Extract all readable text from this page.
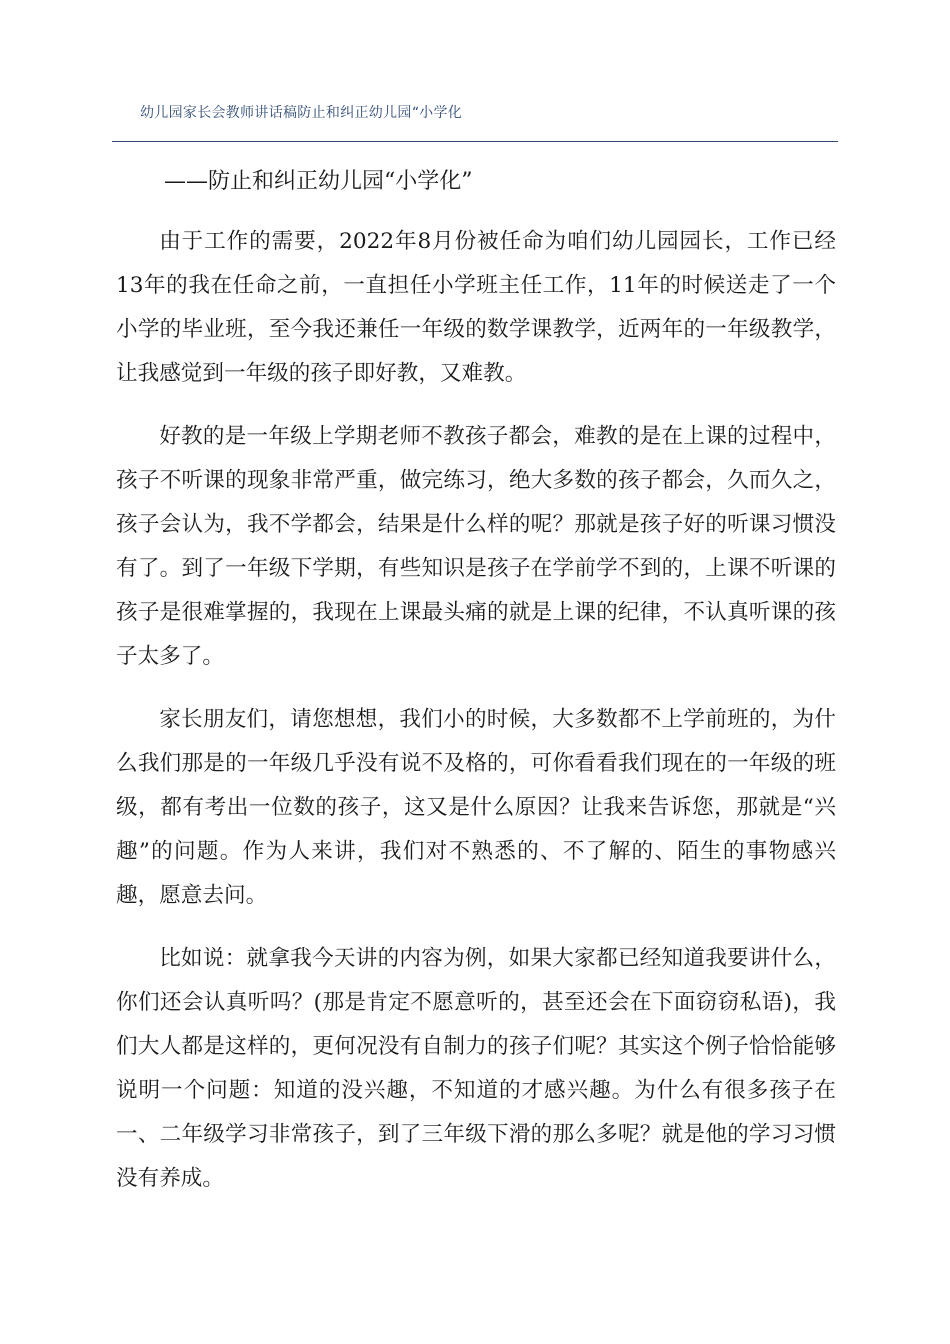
幼儿园家长会教师讲话稿防止和纠正幼儿园“小学化

——防止和纠正幼儿园“小学化”

由于工作的需要，2022年8月份被任命为咱们幼儿园园长，工作已经13年的我在任命之前，一直担任小学班主任工作，11年的时候送走了一个小学的毕业班，至今我还兼任一年级的数学课教学，近两年的一年级教学，让我感觉到一年级的孩子即好教，又难教。

好教的是一年级上学期老师不教孩子都会，难教的是在上课的过程中，孩子不听课的现象非常严重，做完练习，绝大多数的孩子都会，久而久之，孩子会认为，我不学都会，结果是什么样的呢？那就是孩子好的听课习惯没有了。到了一年级下学期，有些知识是孩子在学前学不到的，上课不听课的孩子是很难掌握的，我现在上课最头痛的就是上课的纪律，不认真听课的孩子太多了。

家长朋友们，请您想想，我们小的时候，大多数都不上学前班的，为什么我们那是的一年级几乎没有说不及格的，可你看看我们现在的一年级的班级，都有考出一位数的孩子，这又是什么原因？让我来告诉您，那就是“兴趣”的问题。作为人来讲，我们对不熟悉的、不了解的、陌生的事物感兴趣，愿意去问。

比如说：就拿我今天讲的内容为例，如果大家都已经知道我要讲什么，你们还会认真听吗？(那是肯定不愿意听的，甚至还会在下面窃窃私语)，我们大人都是这样的，更何况没有自制力的孩子们呢？其实这个例子恰恰能够说明一个问题：知道的没兴趣，不知道的才感兴趣。为什么有很多孩子在一、二年级学习非常孩子，到了三年级下滑的那么多呢？就是他的学习习惯没有养成。
